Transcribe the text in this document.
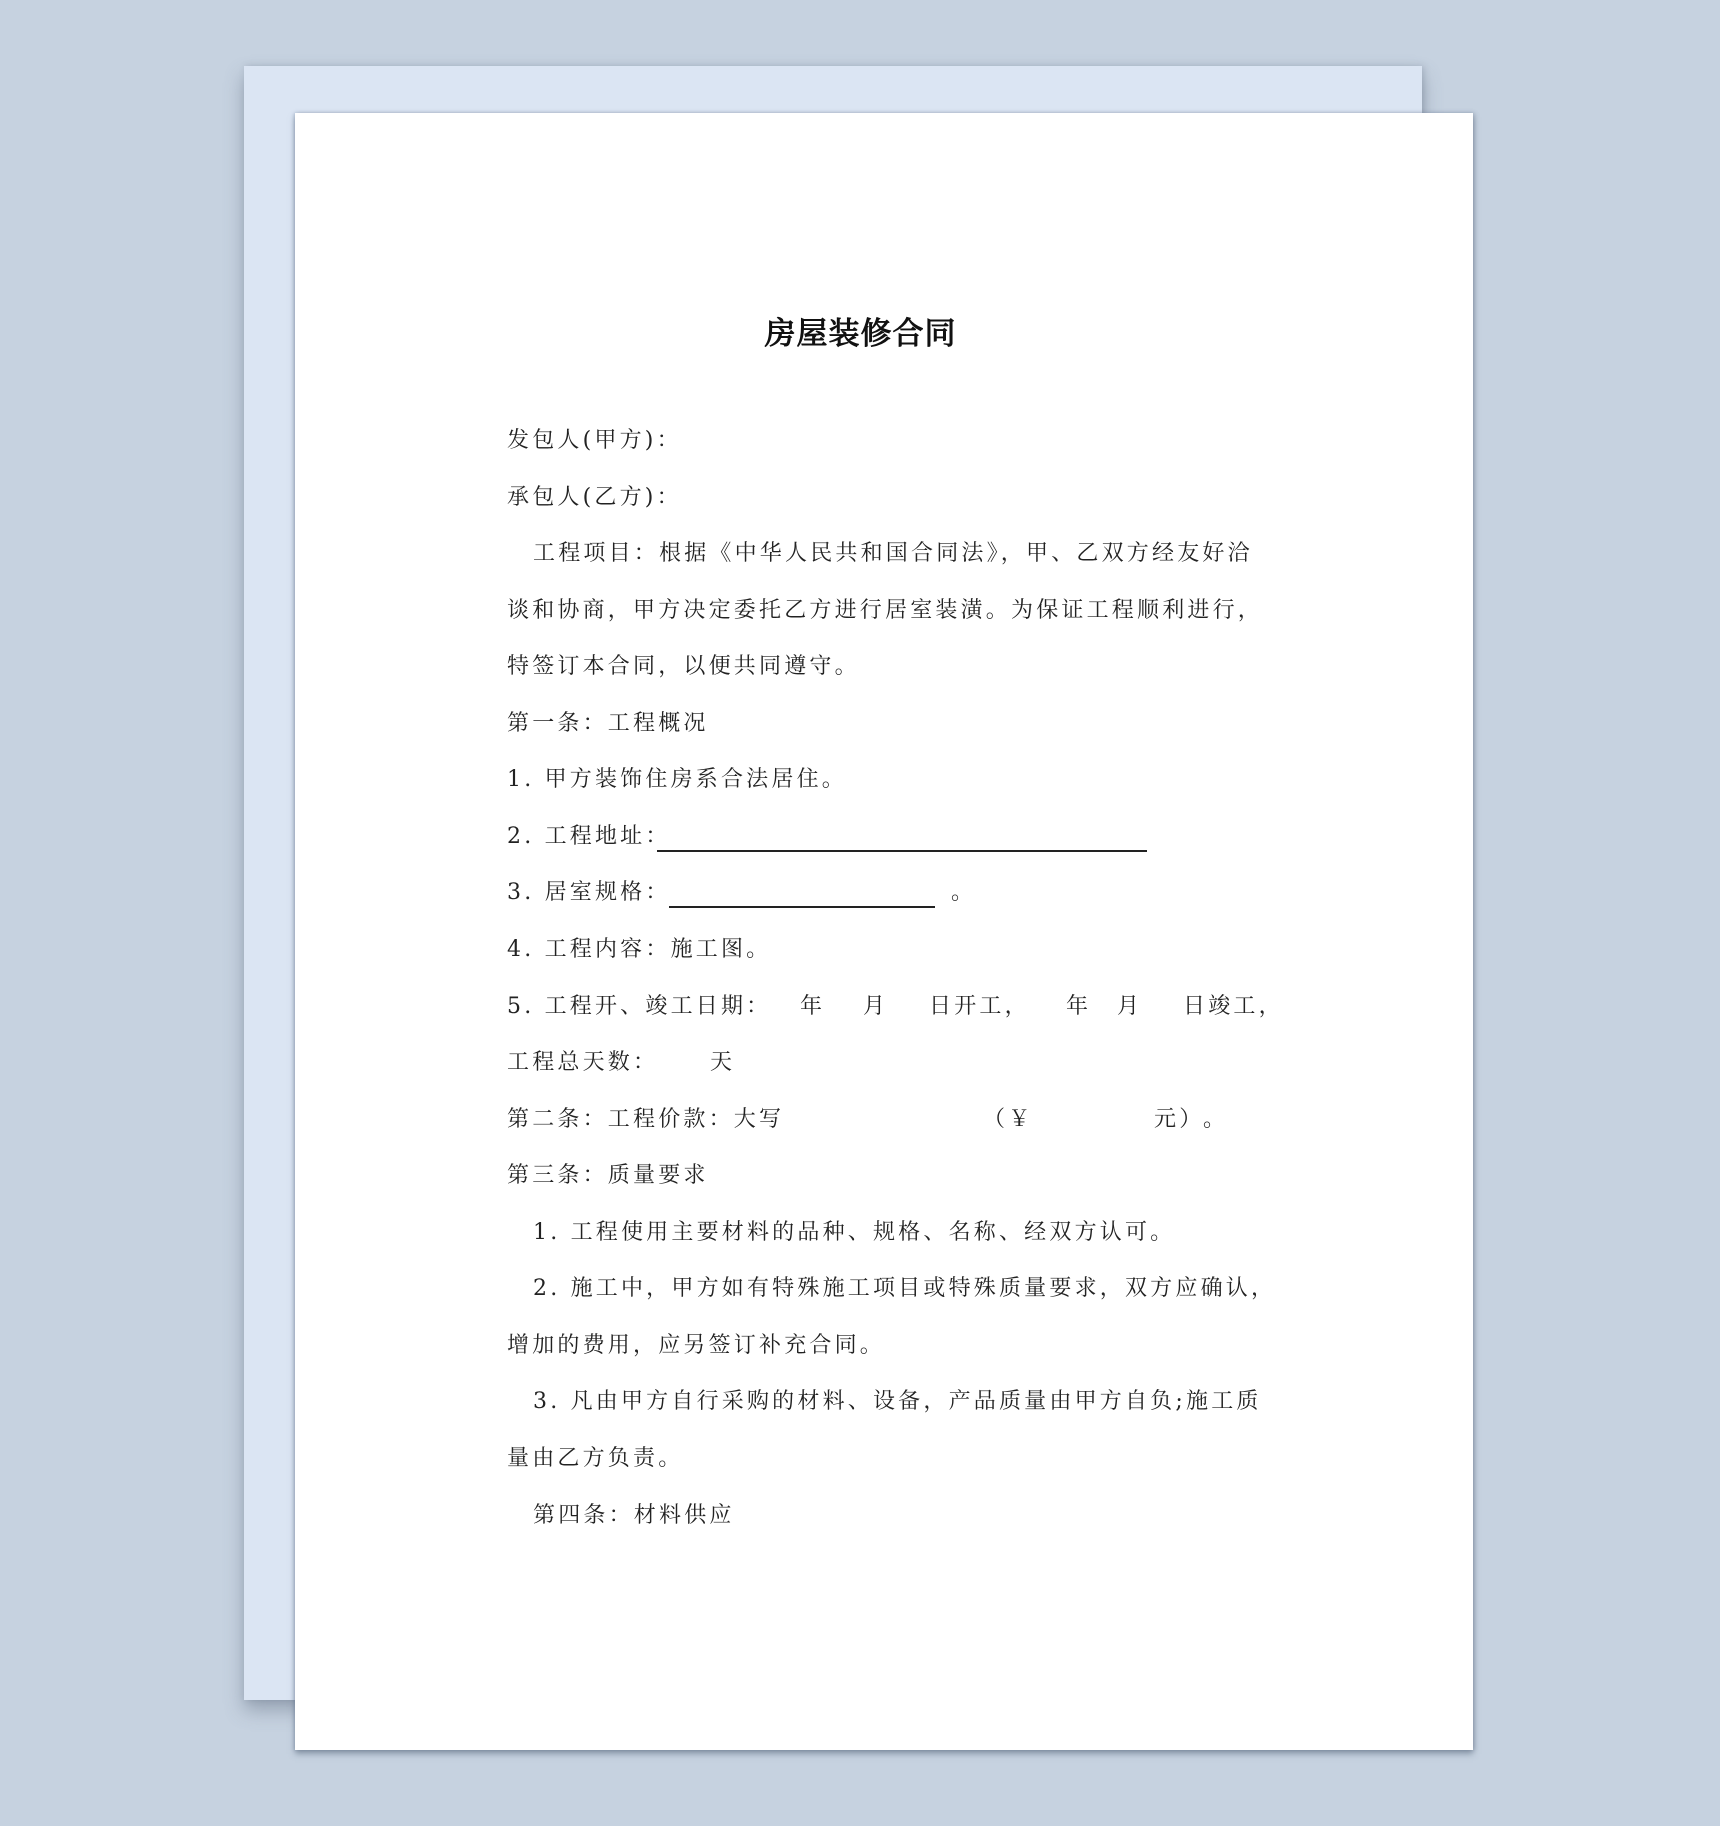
房屋装修合同
发包人(甲方)：
承包人(乙方)：
工程项目：根据《中华人民共和国合同法》，甲、乙双方经友好洽
谈和协商，甲方决定委托乙方进行居室装潢。为保证工程顺利进行，
特签订本合同，以便共同遵守。
第一条：工程概况
1. 甲方装饰住房系合法居住。
2. 工程地址：
3. 居室规格：	。
4. 工程内容：施工图。
5. 工程开、竣工日期： 年 月 日开工， 年 月 日竣工，
工程总天数： 天
第二条：工程价款：大写	（￥	元）
。
第三条：质量要求
1. 工程使用主要材料的品种、规格、名称、经双方认可。
2. 施工中，甲方如有特殊施工项目或特殊质量要求，双方应确认，
增加的费用，应另签订补充合同。
3. 凡由甲方自行采购的材料、设备，产品质量由甲方自负;施工质
量由乙方负责。
第四条：材料供应
